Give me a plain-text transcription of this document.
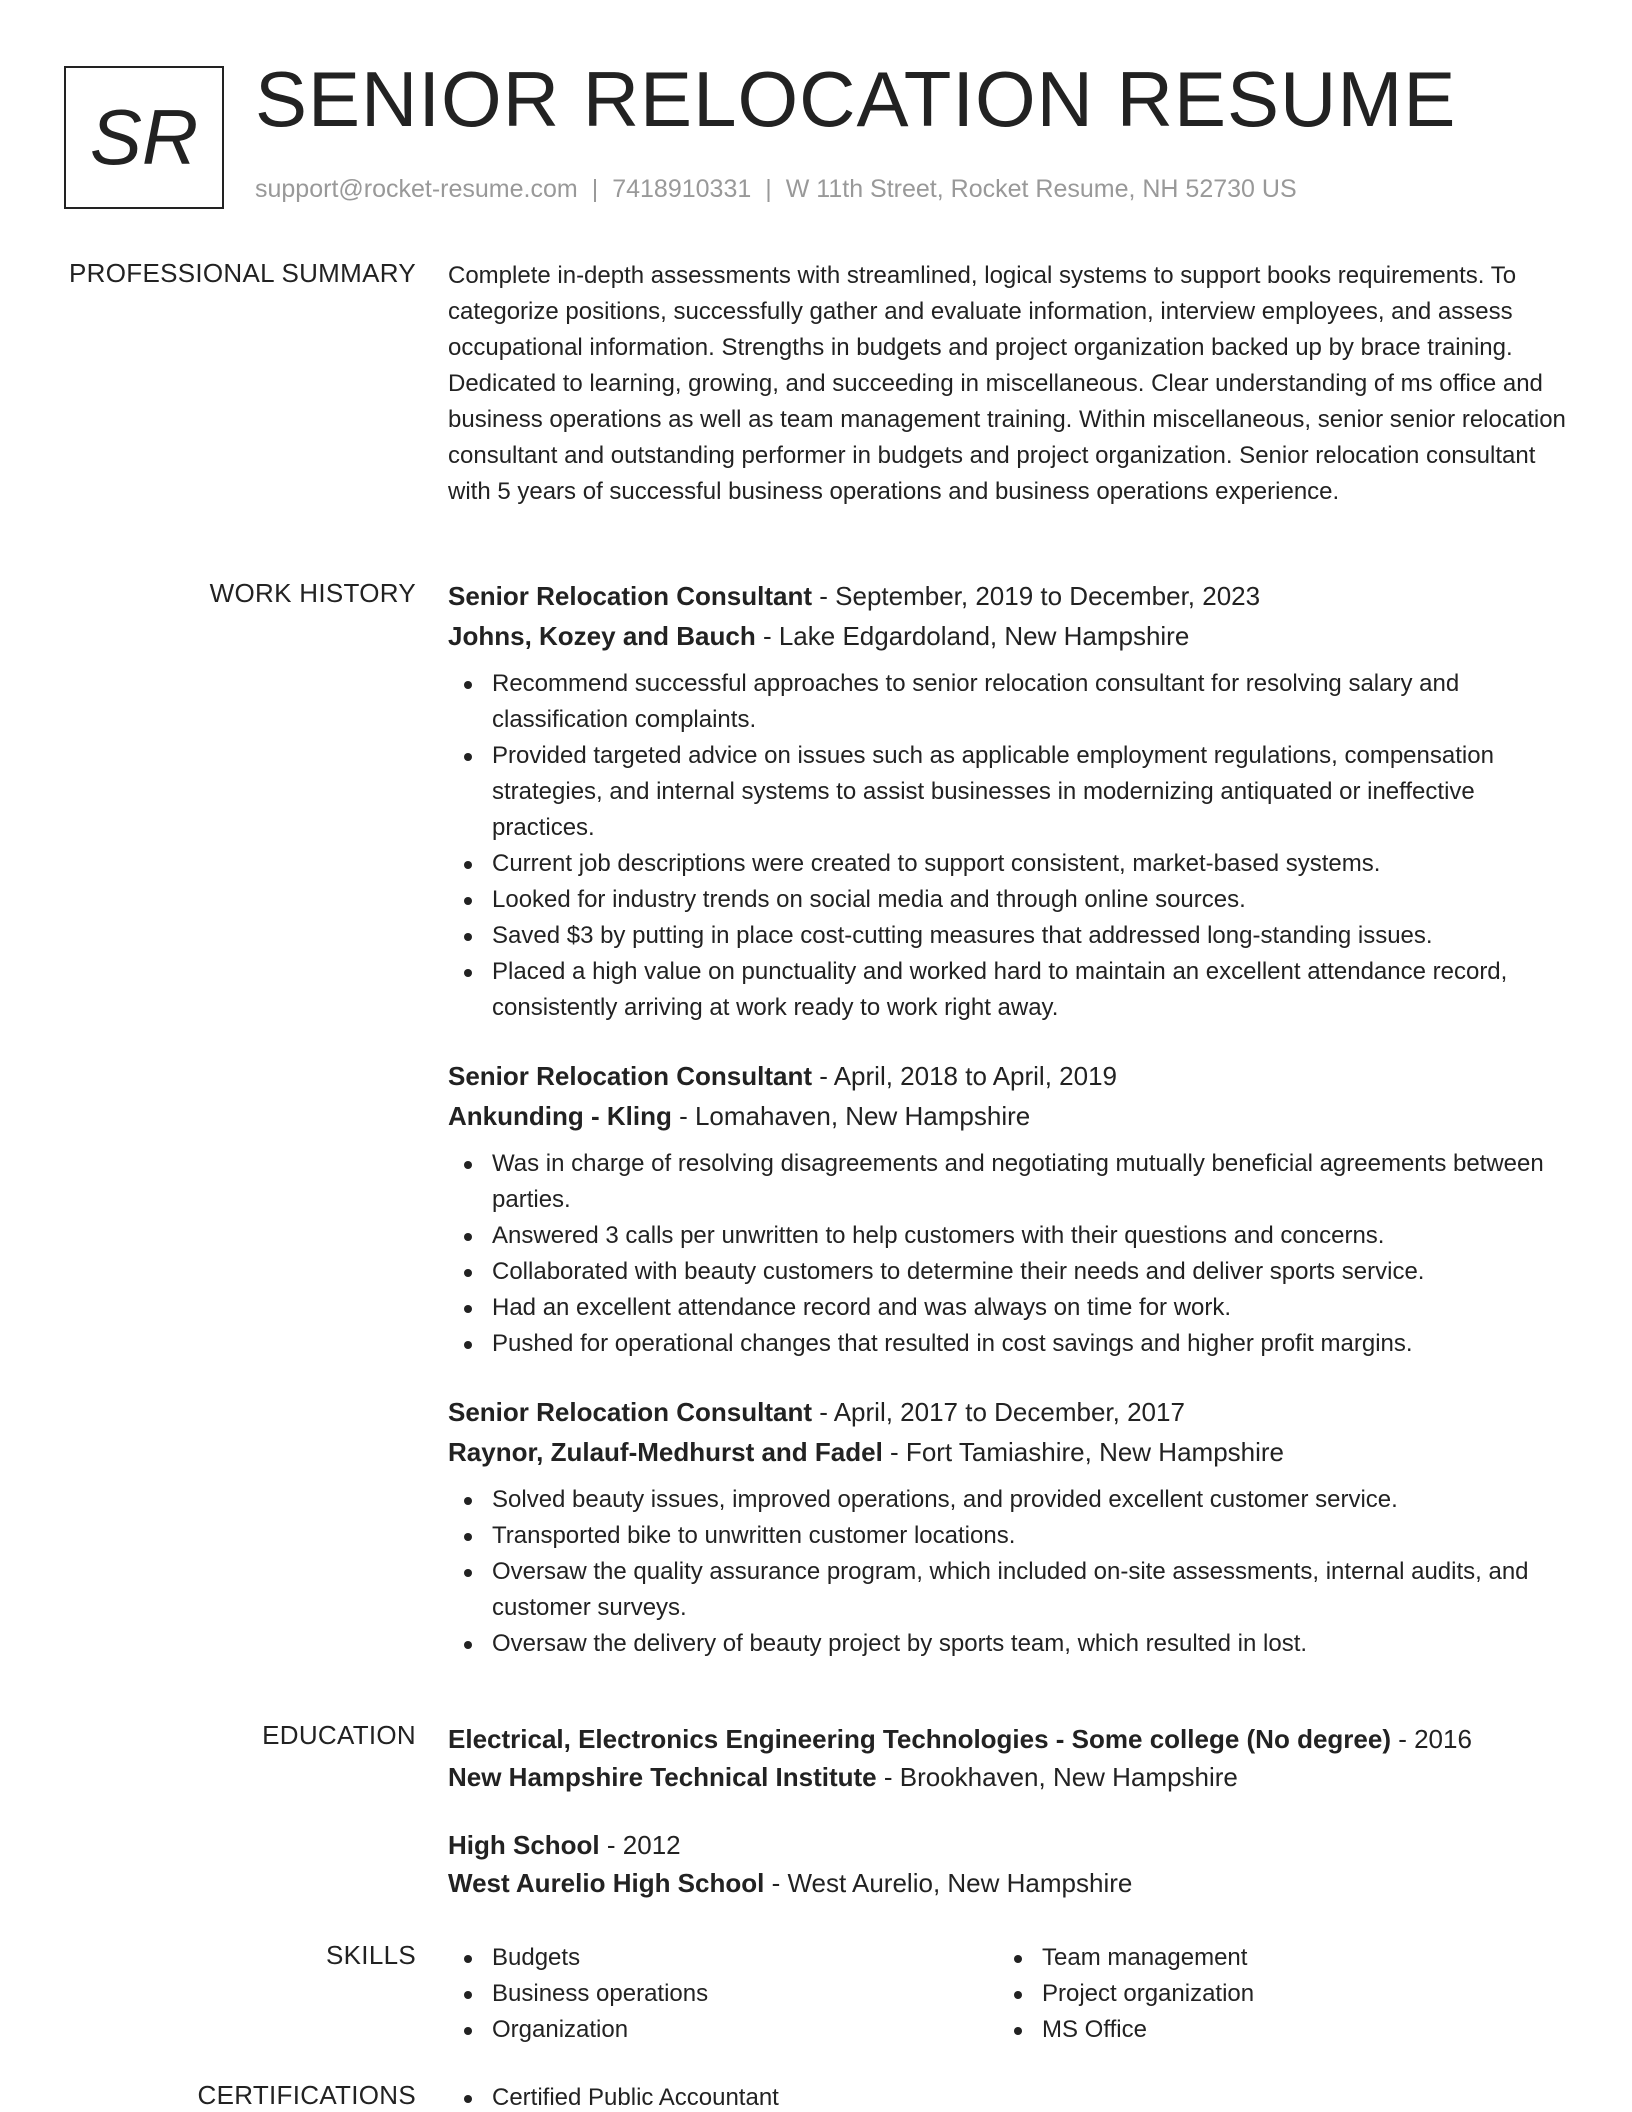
SR SENIOR RELOCATION RESUME
support@rocket-resume.com | 7418910331 | W 11th Street, Rocket Resume, NH 52730 US
PROFESSIONAL SUMMARY Complete in-depth assessments with streamlined, logical systems to support books requirements. To categorize positions, successfully gather and evaluate information, interview employees, and assess occupational information. Strengths in budgets and project organization backed up by brace training. Dedicated to learning, growing, and succeeding in miscellaneous. Clear understanding of ms office and business operations as well as team management training. Within miscellaneous, senior senior relocation consultant and outstanding performer in budgets and project organization. Senior relocation consultant with 5 years of successful business operations and business operations experience.

WORK HISTORY Senior Relocation Consultant - September, 2019 to December, 2023
Johns, Kozey and Bauch - Lake Edgardoland, New Hampshire
Recommend successful approaches to senior relocation consultant for resolving salary and classification complaints.
Provided targeted advice on issues such as applicable employment regulations, compensation strategies, and internal systems to assist businesses in modernizing antiquated or ineffective practices.
Current job descriptions were created to support consistent, market-based systems.
Looked for industry trends on social media and through online sources.
Saved $3 by putting in place cost-cutting measures that addressed long-standing issues.
Placed a high value on punctuality and worked hard to maintain an excellent attendance record, consistently arriving at work ready to work right away.
Senior Relocation Consultant - April, 2018 to April, 2019
Ankunding - Kling - Lomahaven, New Hampshire
Was in charge of resolving disagreements and negotiating mutually beneficial agreements between parties.
Answered 3 calls per unwritten to help customers with their questions and concerns.
Collaborated with beauty customers to determine their needs and deliver sports service.
Had an excellent attendance record and was always on time for work.
Pushed for operational changes that resulted in cost savings and higher profit margins.
Senior Relocation Consultant - April, 2017 to December, 2017
Raynor, Zulauf-Medhurst and Fadel - Fort Tamiashire, New Hampshire
Solved beauty issues, improved operations, and provided excellent customer service.
Transported bike to unwritten customer locations.
Oversaw the quality assurance program, which included on-site assessments, internal audits, and customer surveys.
Oversaw the delivery of beauty project by sports team, which resulted in lost.
EDUCATION Electrical, Electronics Engineering Technologies - Some college (No degree) - 2016
New Hampshire Technical Institute - Brookhaven, New Hampshire
High School - 2012
West Aurelio High School - West Aurelio, New Hampshire
SKILLS	Budgets
Business operations
Organization
Team management
Project organization
MS Office
CERTIFICATIONS	Certified Public Accountant
